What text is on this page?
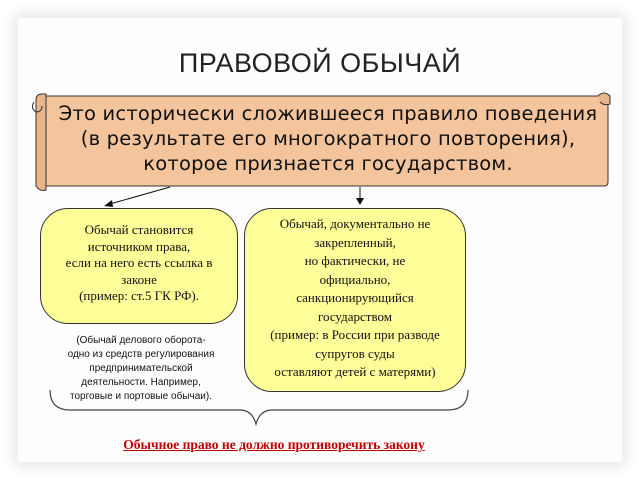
ПРАВОВОЙ ОБЫЧАЙ
Это исторически сложившееся правило поведения
(в результате его многократного повторения),
которое признается государством.
Обычай становится
источником права,
если на него есть ссылка в
законе
(пример: ст.5 ГК РФ).
Обычай, документально не
закрепленный,
но фактически, не
официально,
санкционирующийся
государством
(пример: в России при разводе
супругов суды
оставляют детей с матерями)
(Обычай делового оборота-
одно из средств регулирования
предпринимательской
деятельности. Например,
торговые и портовые обычаи).
Обычное право не должно противоречить закону
